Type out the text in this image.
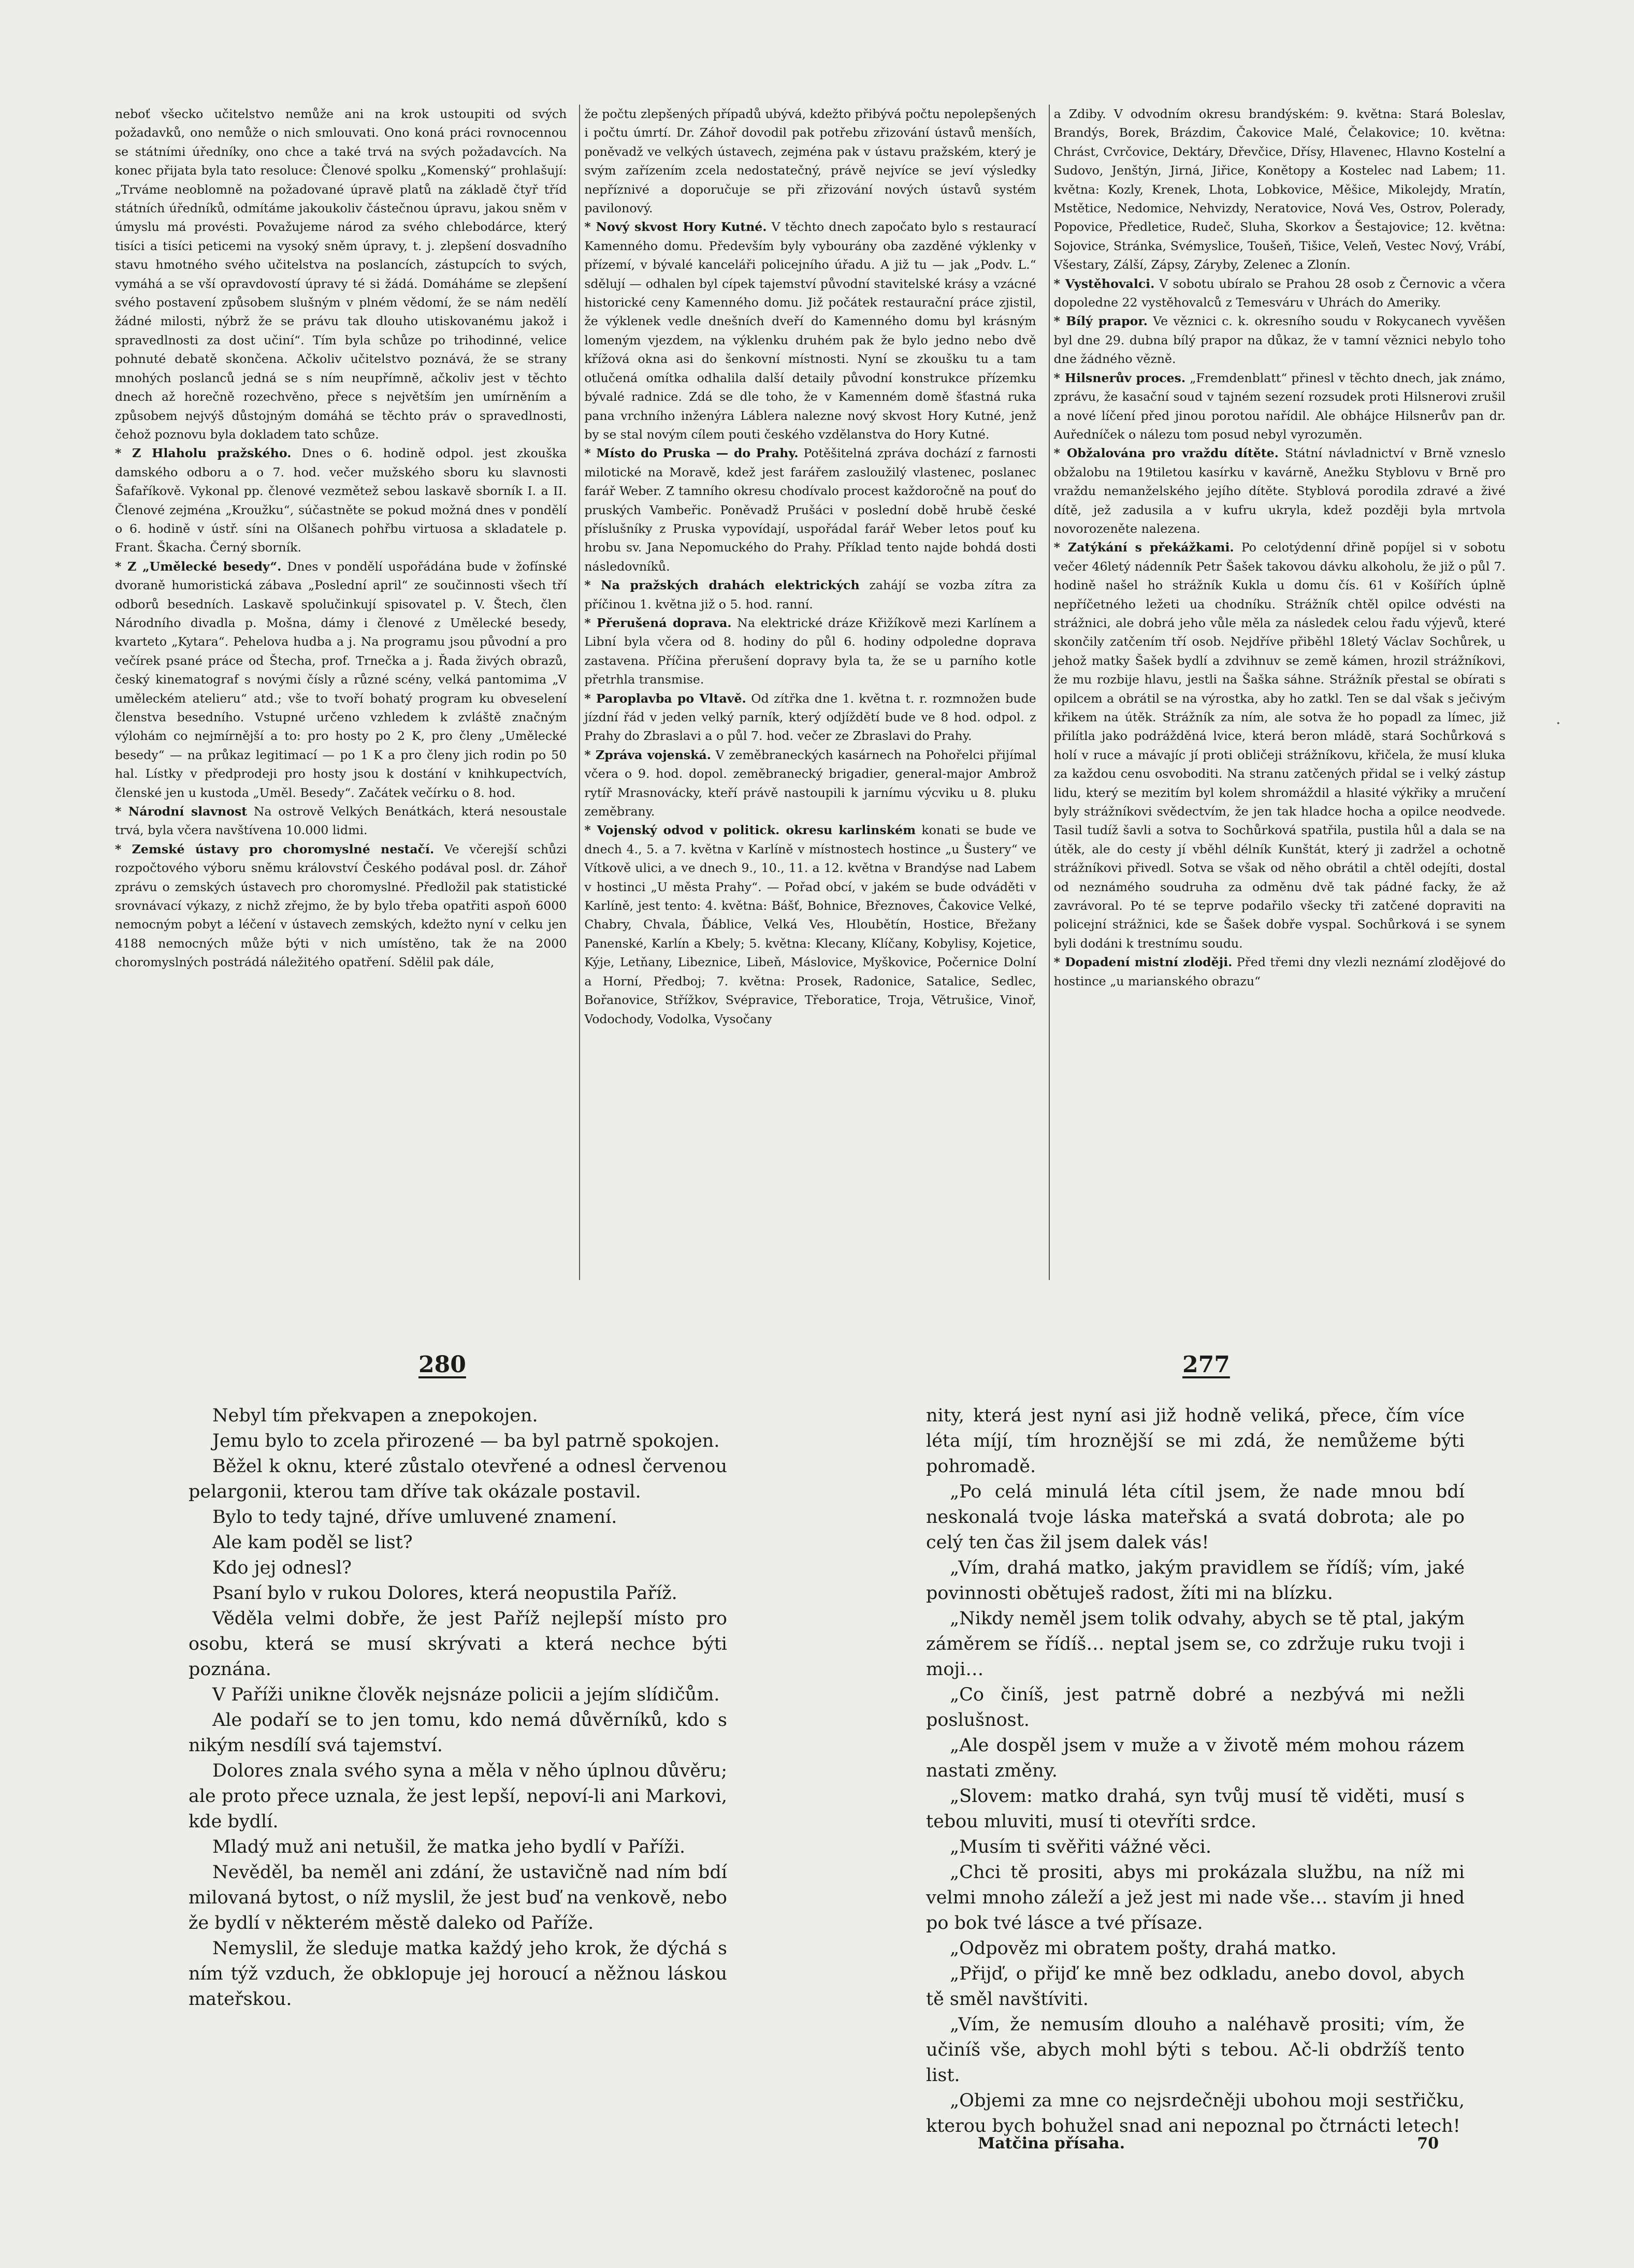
neboť všecko učitelstvo nemůže ani na krok ustoupiti od svých požadavků, ono nemůže o nich smlouvati. Ono koná práci rovnocennou se státními úředníky, ono chce a také trvá na svých požadavcích. Na konec přijata byla tato resoluce: Členové spolku „Komenský“ prohlašují: „Trváme neoblomně na požadované úpravě platů na základě čtyř tříd státních úředníků, odmítáme jakoukoliv částečnou úpravu, jakou sněm v úmyslu má provésti. Považujeme národ za svého chlebodárce, který tisíci a tisíci peticemi na vysoký sněm úpravy, t. j. zlepšení dosvadního stavu hmotného svého učitelstva na poslancích, zástupcích to svých, vymáhá a se vší opravdovostí úpravy té si žádá. Domáháme se zlepšení svého postavení způsobem slušným v plném vědomí, že se nám nedělí žádné milosti, nýbrž že se právu tak dlouho utiskovanému jakož i spravedlnosti za dost učiní“. Tím byla schůze po trihodinné, velice pohnuté debatě skončena. Ačkoliv učitelstvo poznává, že se strany mnohých poslanců jedná se s ním neupřímně, ačkoliv jest v těchto dnech až horečně rozechvěno, přece s největším jen umírněním a způsobem nejvýš důstojným domáhá se těchto práv o spravedlnosti, čehož poznovu byla dokladem tato schůze.

* Z Hlaholu pražského. Dnes o 6. hodině odpol. jest zkouška damského odboru a o 7. hod. večer mužského sboru ku slavnosti Šafaříkově. Vykonal pp. členové vezmětež sebou laskavě sborník I. a II. Členové zejména „Kroužku“, súčastněte se pokud možná dnes v pondělí o 6. hodině v ústř. síni na Olšanech pohřbu virtuosa a skladatele p. Frant. Škacha. Černý sborník.

* Z „Umělecké besedy“. Dnes v pondělí uspořádána bude v žofínské dvoraně humoristická zábava „Poslední april“ ze součinnosti všech tří odborů besedních. Laskavě spolučinkují spisovatel p. V. Štech, člen Národního divadla p. Mošna, dámy i členové z Umělecké besedy, kvarteto „Kytara“. Pehelova hudba a j. Na programu jsou původní a pro večírek psané práce od Štecha, prof. Trnečka a j. Řada živých obrazů, český kinematograf s novými čísly a různé scény, velká pantomima „V uměleckém atelieru“ atd.; vše to tvoří bohatý program ku obveselení členstva besedního. Vstupné určeno vzhledem k zvláště značným výlohám co nejmírnější a to: pro hosty po 2 K, pro členy „Umělecké besedy“ — na průkaz legitimací — po 1 K a pro členy jich rodin po 50 hal. Lístky v předprodeji pro hosty jsou k dostání v knihkupectvích, členské jen u kustoda „Uměl. Besedy“. Začátek večírku o 8. hod.

* Národní slavnost Na ostrově Velkých Benátkách, která nesoustale trvá, byla včera navštívena 10.000 lidmi.

* Zemské ústavy pro choromyslné nestačí. Ve včerejší schůzi rozpočtového výboru sněmu království Českého podával posl. dr. Záhoř zprávu o zemských ústavech pro choromyslné. Předložil pak statistické srovnávací výkazy, z nichž zřejmo, že by bylo třeba opatřiti aspoň 6000 nemocným pobyt a léčení v ústavech zemských, kdežto nyní v celku jen 4188 nemocných může býti v nich umístěno, tak že na 2000 choromyslných postrádá náležitého opatření. Sdělil pak dále,

že počtu zlepšených případů ubývá, kdežto přibývá počtu nepolepšených i počtu úmrtí. Dr. Záhoř dovodil pak potřebu zřizování ústavů menších, poněvadž ve velkých ústavech, zejména pak v ústavu pražském, který je svým zařízením zcela nedostatečný, právě nejvíce se jeví výsledky nepříznivé a doporučuje se při zřizování nových ústavů systém pavilonový.

* Nový skvost Hory Kutné. V těchto dnech započato bylo s restaurací Kamenného domu. Především byly vybourány oba zazděné výklenky v přízemí, v bývalé kanceláři policejního úřadu. A již tu — jak „Podv. L.“ sdělují — odhalen byl cípek tajemství původní stavitelské krásy a vzácné historické ceny Kamenného domu. Již počátek restaurační práce zjistil, že výklenek vedle dnešních dveří do Kamenného domu byl krásným lomeným vjezdem, na výklenku druhém pak že bylo jedno nebo dvě křížová okna asi do šenkovní místnosti. Nyní se zkoušku tu a tam otlučená omítka odhalila další detaily původní konstrukce přízemku bývalé radnice. Zdá se dle toho, že v Kamenném domě šťastná ruka pana vrchního inženýra Láblera nalezne nový skvost Hory Kutné, jenž by se stal novým cílem pouti českého vzdělanstva do Hory Kutné.

* Místo do Pruska — do Prahy. Potěšitelná zpráva dochází z farnosti milotické na Moravě, kdež jest farářem zasloužilý vlastenec, poslanec farář Weber. Z tamního okresu chodívalo procest každoročně na pouť do pruských Vambeřic. Poněvadž Prušáci v poslední době hrubě české příslušníky z Pruska vypovídají, uspořádal farář Weber letos pouť ku hrobu sv. Jana Nepomuckého do Prahy. Příklad tento najde bohdá dosti následovníků.

* Na pražských drahách elektrických zahájí se vozba zítra za příčinou 1. května již o 5. hod. ranní.

* Přerušená doprava. Na elektrické dráze Křižíkově mezi Karlínem a Libní byla včera od 8. hodiny do půl 6. hodiny odpoledne doprava zastavena. Příčina přerušení dopravy byla ta, že se u parního kotle přetrhla transmise.

* Paroplavba po Vltavě. Od zítřka dne 1. května t. r. rozmnožen bude jízdní řád v jeden velký parník, který odjíždětí bude ve 8 hod. odpol. z Prahy do Zbraslavi a o půl 7. hod. večer ze Zbraslavi do Prahy.

* Zpráva vojenská. V zeměbraneckých kasárnech na Pohořelci přijímal včera o 9. hod. dopol. zeměbranecký brigadier, general-major Ambrož rytíř Mrasnovácky, kteří právě nastoupili k jarnímu výcviku u 8. pluku zeměbrany.

* Vojenský odvod v politick. okresu karlinském konati se bude ve dnech 4., 5. a 7. května v Karlíně v místnostech hostince „u Šustery“ ve Vítkově ulici, a ve dnech 9., 10., 11. a 12. května v Brandýse nad Labem v hostinci „U města Prahy“. — Pořad obcí, v jakém se bude odváděti v Karlíně, jest tento: 4. května: Bášť, Bohnice, Březnoves, Čakovice Velké, Chabry, Chvala, Ďáblice, Velká Ves, Hloubětín, Hostice, Břežany Panenské, Karlín a Kbely; 5. května: Klecany, Klíčany, Kobylisy, Kojetice, Kýje, Letňany, Libeznice, Libeň, Máslovice, Myškovice, Počernice Dolní a Horní, Předboj; 7. května: Prosek, Radonice, Satalice, Sedlec, Bořanovice, Střížkov, Svépravice, Třeboratice, Troja, Větrušice, Vinoř, Vodochody, Vodolka, Vysočany

a Zdiby. V odvodním okresu brandýském: 9. května: Stará Boleslav, Brandýs, Borek, Brázdim, Čakovice Malé, Čelakovice; 10. května: Chrást, Cvrčovice, Dektáry, Dřevčice, Dřísy, Hlavenec, Hlavno Kostelní a Sudovo, Jenštýn, Jirná, Jiřice, Konětopy a Kostelec nad Labem; 11. května: Kozly, Krenek, Lhota, Lobkovice, Měšice, Mikolejdy, Mratín, Mstětice, Nedomice, Nehvizdy, Neratovice, Nová Ves, Ostrov, Polerady, Popovice, Předletice, Rudeč, Sluha, Skorkov a Šestajovice; 12. května: Sojovice, Stránka, Svémyslice, Toušeň, Tišice, Veleň, Vestec Nový, Vrábí, Všestary, Zálší, Zápsy, Záryby, Zelenec a Zlonín.

* Vystěhovalci. V sobotu ubíralo se Prahou 28 osob z Černovic a včera dopoledne 22 vystěhovalců z Temesváru v Uhrách do Ameriky.

* Bílý prapor. Ve věznici c. k. okresního soudu v Rokycanech vyvěšen byl dne 29. dubna bílý prapor na důkaz, že v tamní věznici nebylo toho dne žádného vězně.

* Hilsnerův proces. „Fremdenblatt“ přinesl v těchto dnech, jak známo, zprávu, že kasační soud v tajném sezení rozsudek proti Hilsnerovi zrušil a nové líčení před jinou porotou nařídil. Ale obhájce Hilsnerův pan dr. Auředníček o nálezu tom posud nebyl vyrozuměn.

* Obžalována pro vraždu dítěte. Státní návladnictví v Brně vzneslo obžalobu na 19tiletou kasírku v kavárně, Anežku Styblovu v Brně pro vraždu nemanželského jejího dítěte. Styblová porodila zdravé a živé dítě, jež zadusila a v kufru ukryla, kdež později byla mrtvola novorozeněte nalezena.

* Zatýkání s překážkami. Po celotýdenní dřině popíjel si v sobotu večer 46letý nádenník Petr Šašek takovou dávku alkoholu, že již o půl 7. hodině našel ho strážník Kukla u domu čís. 61 v Košířích úplně nepříčetného ležeti ua chodníku. Strážník chtěl opilce odvésti na strážnici, ale dobrá jeho vůle měla za následek celou řadu výjevů, které skončily zatčením tří osob. Nejdříve přiběhl 18letý Václav Sochůrek, u jehož matky Šašek bydlí a zdvihnuv se země kámen, hrozil strážníkovi, že mu rozbije hlavu, jestli na Šaška sáhne. Strážník přestal se obírati s opilcem a obrátil se na výrostka, aby ho zatkl. Ten se dal však s ječivým křikem na útěk. Strážník za ním, ale sotva že ho popadl za límec, již přilítla jako podrážděná lvice, která beron mládě, stará Sochůrková s holí v ruce a mávajíc jí proti obličeji strážníkovu, křičela, že musí kluka za každou cenu osvoboditi. Na stranu zatčených přidal se i velký zástup lidu, který se mezitím byl kolem shromáždil a hlasité výkřiky a mručení byly strážníkovi svědectvím, že jen tak hladce hocha a opilce neodvede. Tasil tudíž šavli a sotva to Sochůrková spatřila, pustila hůl a dala se na útěk, ale do cesty jí vběhl délník Kunštát, který ji zadržel a ochotně strážníkovi přivedl. Sotva se však od něho obrátil a chtěl odejíti, dostal od neznámého soudruha za odměnu dvě tak pádné facky, že až zavrávoral. Po té se teprve podařilo všecky tři zatčené dopraviti na policejní strážnici, kde se Šašek dobře vyspal. Sochůrková i se synem byli dodáni k trestnímu soudu.

* Dopadení mistní zloději. Před třemi dny vlezli neznámí zlodějové do hostince „u marianského obrazu“

·
280	277

Nebyl tím překvapen a znepokojen.

Jemu bylo to zcela přirozené — ba byl patrně spokojen.

Běžel k oknu, které zůstalo otevřené a odnesl červenou pelargonii, kterou tam dříve tak okázale postavil.

Bylo to tedy tajné, dříve umluvené znamení.

Ale kam poděl se list?

Kdo jej odnesl?

Psaní bylo v rukou Dolores, která neopustila Paříž.

Věděla velmi dobře, že jest Paříž nejlepší místo pro osobu, která se musí skrývati a která nechce býti poznána.

V Paříži unikne člověk nejsnáze policii a jejím slídičům.

Ale podaří se to jen tomu, kdo nemá důvěrníků, kdo s nikým nesdílí svá tajemství.

Dolores znala svého syna a měla v něho úplnou důvěru; ale proto přece uznala, že jest lepší, nepoví-li ani Markovi, kde bydlí.

Mladý muž ani netušil, že matka jeho bydlí v Paříži.

Nevěděl, ba neměl ani zdání, že ustavičně nad ním bdí milovaná bytost, o níž myslil, že jest buď na venkově, nebo že bydlí v některém městě daleko od Paříže.

Nemyslil, že sleduje matka každý jeho krok, že dýchá s ním týž vzduch, že obklopuje jej horoucí a něžnou láskou mateřskou.

nity, která jest nyní asi již hodně veliká, přece, čím více léta míjí, tím hroznější se mi zdá, že nemůžeme býti pohromadě.

„Po celá minulá léta cítil jsem, že nade mnou bdí neskonalá tvoje láska mateřská a svatá dobrota; ale po celý ten čas žil jsem dalek vás!

„Vím, drahá matko, jakým pravidlem se řídíš; vím, jaké povinnosti obětuješ radost, žíti mi na blízku.

„Nikdy neměl jsem tolik odvahy, abych se tě ptal, jakým záměrem se řídíš… neptal jsem se, co zdržuje ruku tvoji i moji…

„Co činíš, jest patrně dobré a nezbývá mi nežli poslušnost.

„Ale dospěl jsem v muže a v životě mém mohou rázem nastati změny.

„Slovem: matko drahá, syn tvůj musí tě viděti, musí s tebou mluviti, musí ti otevříti srdce.

„Musím ti svěřiti vážné věci.

„Chci tě prositi, abys mi prokázala službu, na níž mi velmi mnoho záleží a jež jest mi nade vše… stavím ji hned po bok tvé lásce a tvé přísaze.

„Odpověz mi obratem pošty, drahá matko.

„Přijď, o přijď ke mně bez odkladu, anebo dovol, abych tě směl navštíviti.

„Vím, že nemusím dlouho a naléhavě prositi; vím, že učiníš vše, abych mohl býti s tebou. Ač-li obdržíš tento list.

„Objemi za mne co nejsrdečněji ubohou moji sestřičku, kterou bych bohužel snad ani nepoznal po čtrnácti letech!

Matčina přísaha.	70
